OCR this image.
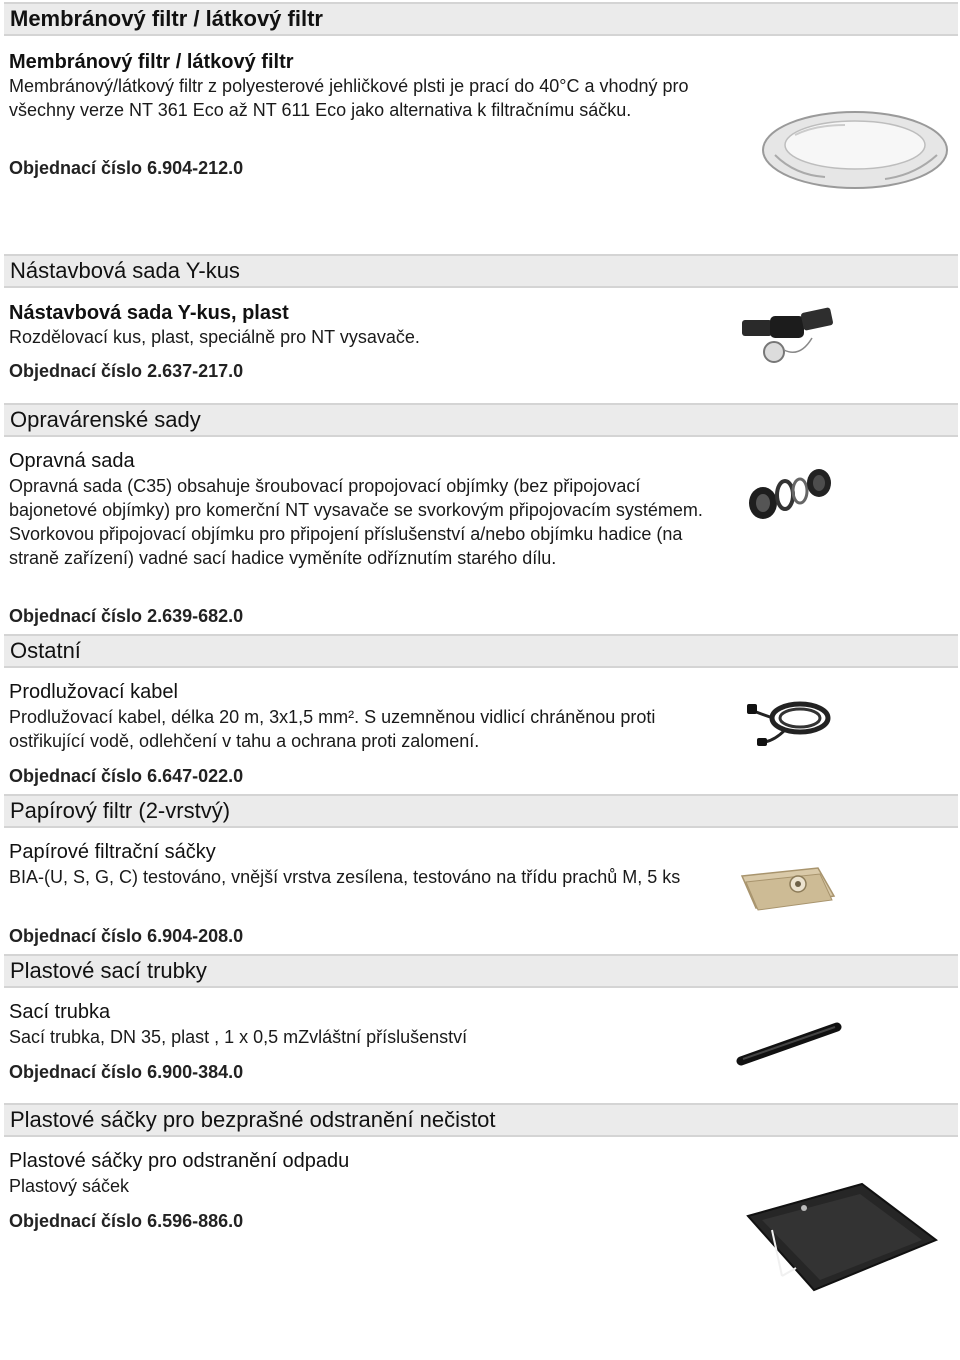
Membránový filtr / látkový filtr
Membránový filtr / látkový filtr
Membránový/látkový filtr z polyesterové jehličkové plsti je prací do 40°C a vhodný pro všechny verze NT 361 Eco až NT 611 Eco jako alternativa k filtračnímu sáčku.
Objednací číslo 6.904-212.0
Nástavbová sada Y-kus
Nástavbová sada Y-kus, plast
Rozdělovací kus, plast, speciálně pro NT vysavače.
Objednací číslo 2.637-217.0
Opravárenské sady
Opravná sada
Opravná sada (C35) obsahuje šroubovací propojovací objímky (bez připojovací bajonetové objímky) pro komerční NT vysavače se svorkovým připojovacím systémem. Svorkovou připojovací objímku pro připojení příslušenství a/nebo objímku hadice (na straně zařízení) vadné sací hadice vyměníte odříznutím starého dílu.
Objednací číslo 2.639-682.0
Ostatní
Prodlužovací kabel
Prodlužovací kabel, délka 20 m, 3x1,5 mm². S uzemněnou vidlicí chráněnou proti ostřikující vodě, odlehčení v tahu a ochrana proti zalomení.
Objednací číslo 6.647-022.0
Papírový filtr (2-vrstvý)
Papírové filtrační sáčky
BIA-(U, S, G, C) testováno, vnější vrstva zesílena, testováno na třídu prachů M, 5 ks
Objednací číslo 6.904-208.0
Plastové sací trubky
Sací trubka
Sací trubka, DN 35, plast , 1 x 0,5 mZvláštní příslušenství
Objednací číslo 6.900-384.0
Plastové sáčky pro bezprašné odstranění nečistot
Plastové sáčky pro odstranění odpadu
Plastový sáček
Objednací číslo 6.596-886.0
